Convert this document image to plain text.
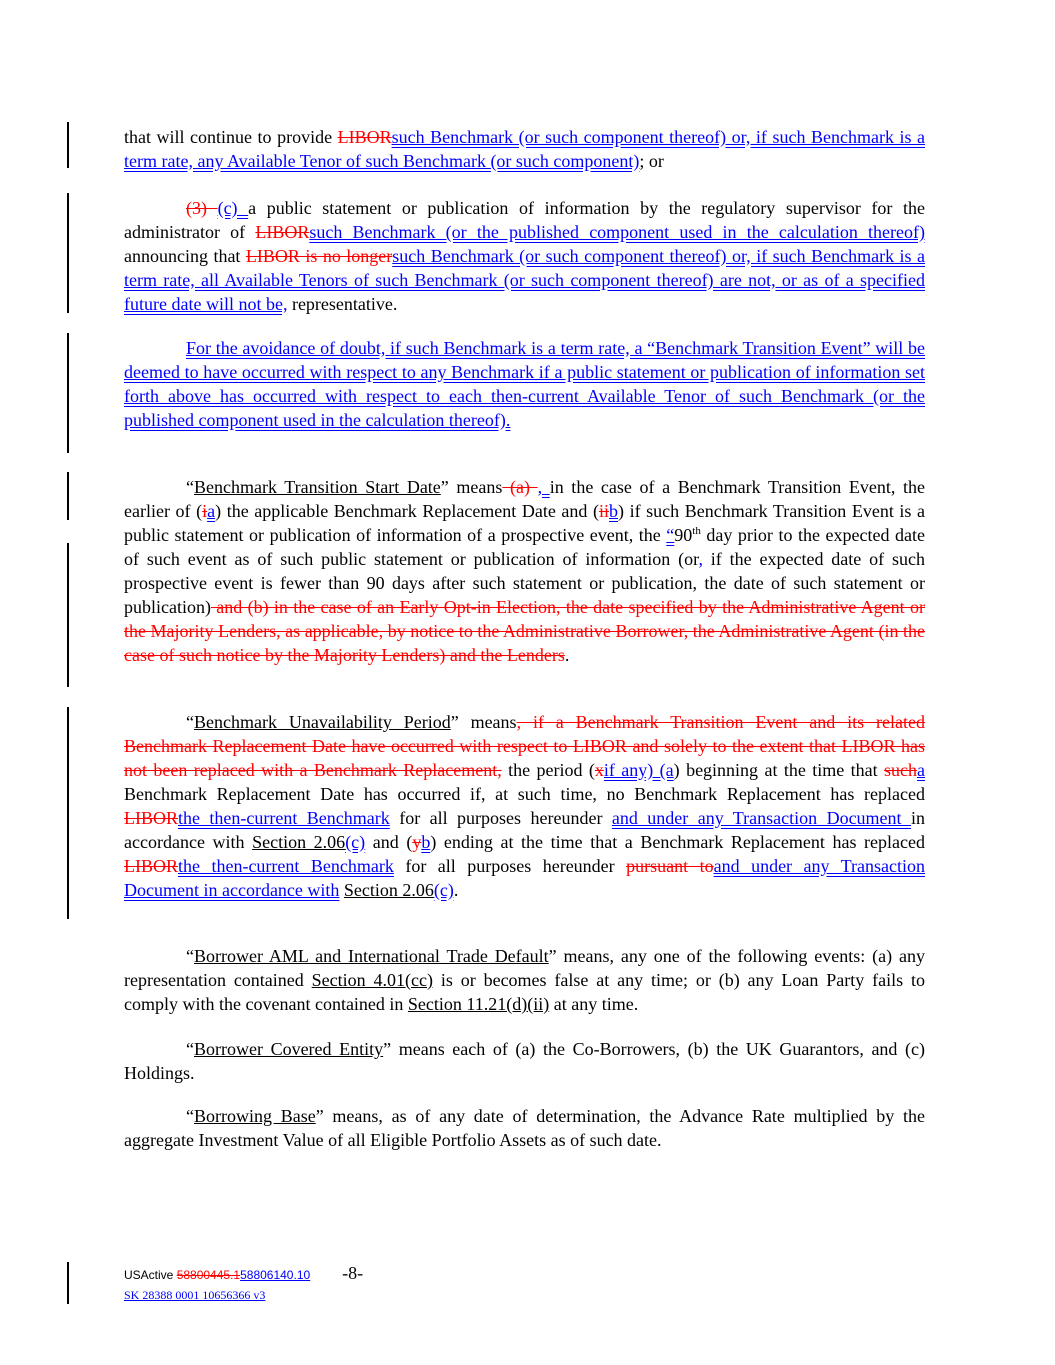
that will continue to provide LIBORsuch Benchmark (or such component thereof) or, if such Benchmark is a term rate, any Available Tenor of such Benchmark (or such component); or
(3) (c) a public statement or publication of information by the regulatory supervisor for the administrator of LIBORsuch Benchmark (or the published component used in the calculation thereof) announcing that LIBOR is no longersuch Benchmark (or such component thereof) or, if such Benchmark is a term rate, all Available Tenors of such Benchmark (or such component thereof) are not, or as of a specified future date will not be, representative.
For the avoidance of doubt, if such Benchmark is a term rate, a “Benchmark Transition Event” will be deemed to have occurred with respect to any Benchmark if a public statement or publication of information set forth above has occurred with respect to each then-current Available Tenor of such Benchmark (or the published component used in the calculation thereof).
“Benchmark Transition Start Date” means (a) , in the case of a Benchmark Transition Event, the earlier of (ia) the applicable Benchmark Replacement Date and (iib) if such Benchmark Transition Event is a public statement or publication of information of a prospective event, the “90th day prior to the expected date of such event as of such public statement or publication of information (or, if the expected date of such prospective event is fewer than 90 days after such statement or publication, the date of such statement or publication) and (b) in the case of an Early Opt-in Election, the date specified by the Administrative Agent or the Majority Lenders, as applicable, by notice to the Administrative Borrower, the Administrative Agent (in the case of such notice by the Majority Lenders) and the Lenders.
“Benchmark Unavailability Period” means, if a Benchmark Transition Event and its related Benchmark Replacement Date have occurred with respect to LIBOR and solely to the extent that LIBOR has not been replaced with a Benchmark Replacement, the period (xif any) (a) beginning at the time that sucha Benchmark Replacement Date has occurred if, at such time, no Benchmark Replacement has replaced LIBORthe then-current Benchmark for all purposes hereunder and under any Transaction Document in accordance with Section 2.06(c) and (yb) ending at the time that a Benchmark Replacement has replaced LIBORthe then-current Benchmark for all purposes hereunder pursuant toand under any Transaction Document in accordance with Section 2.06(c).
“Borrower AML and International Trade Default” means, any one of the following events: (a) any representation contained Section 4.01(cc) is or becomes false at any time; or (b) any Loan Party fails to comply with the covenant contained in Section 11.21(d)(ii) at any time.
“Borrower Covered Entity” means each of (a) the Co-Borrowers, (b) the UK Guarantors, and (c) Holdings.
“Borrowing Base” means, as of any date of determination, the Advance Rate multiplied by the aggregate Investment Value of all Eligible Portfolio Assets as of such date.
USActive 58800445.158806140.10 -8-
SK 28388 0001 10656366 v3
